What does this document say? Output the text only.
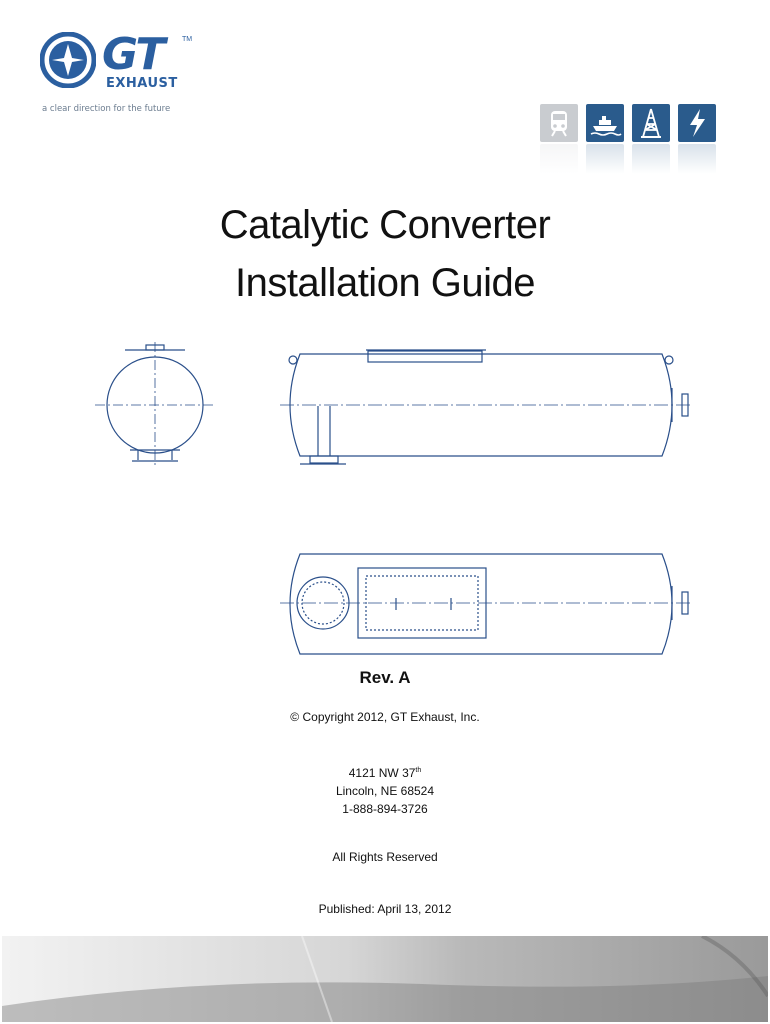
GT	TM
EXHAUST
a clear direction for the future
Catalytic Converter
Installation Guide
Rev. A
© Copyright 2012, GT Exhaust, Inc.
4121 NW 37th
Lincoln, NE 68524
1-888-894-3726
All Rights Reserved
Published: April 13, 2012
